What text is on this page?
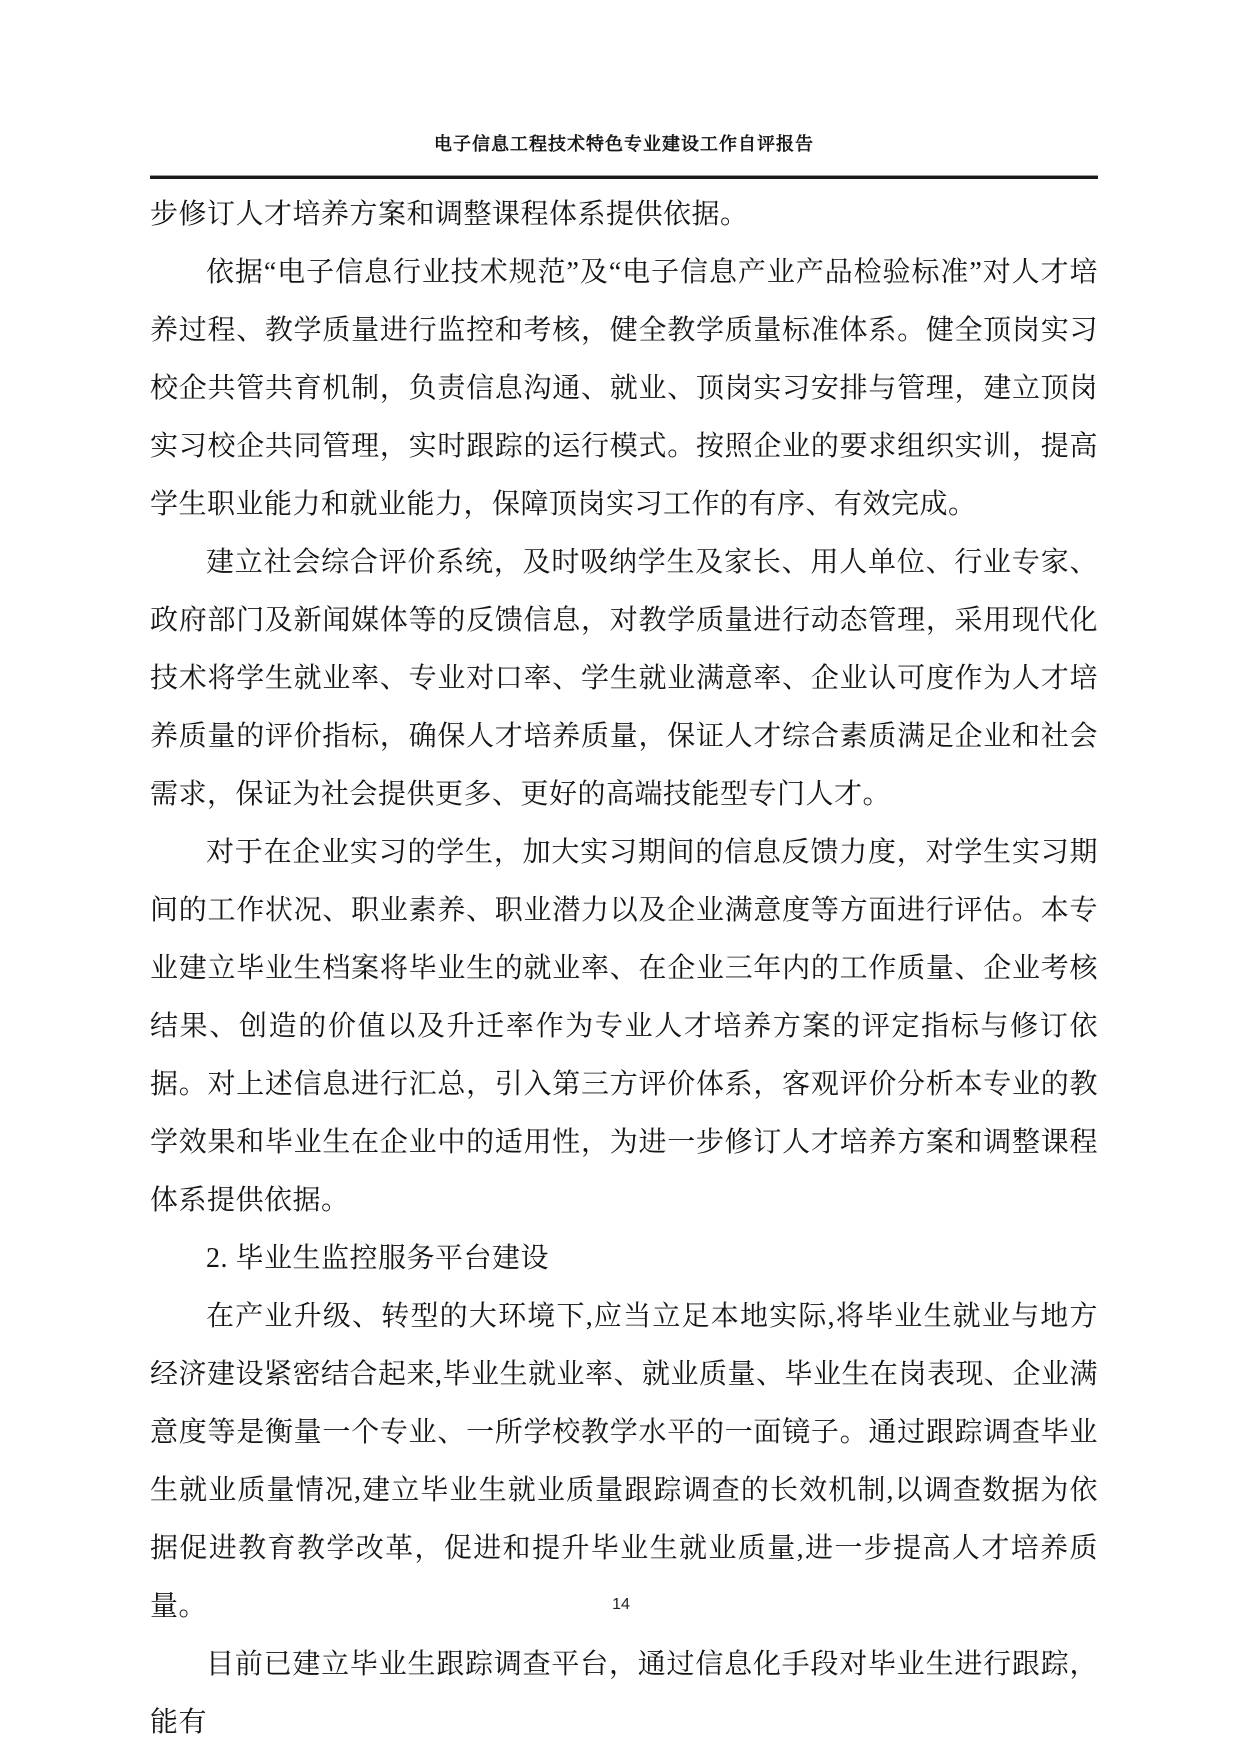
电子信息工程技术特色专业建设工作自评报告

步修订人才培养方案和调整课程体系提供依据。

依据“电子信息行业技术规范”及“电子信息产业产品检验标准”对人才培养过程、教学质量进行监控和考核，健全教学质量标准体系。健全顶岗实习校企共管共育机制，负责信息沟通、就业、顶岗实习安排与管理，建立顶岗实习校企共同管理，实时跟踪的运行模式。按照企业的要求组织实训，提高学生职业能力和就业能力，保障顶岗实习工作的有序、有效完成。

建立社会综合评价系统，及时吸纳学生及家长、用人单位、行业专家、政府部门及新闻媒体等的反馈信息，对教学质量进行动态管理，采用现代化技术将学生就业率、专业对口率、学生就业满意率、企业认可度作为人才培养质量的评价指标，确保人才培养质量，保证人才综合素质满足企业和社会需求，保证为社会提供更多、更好的高端技能型专门人才。

对于在企业实习的学生，加大实习期间的信息反馈力度，对学生实习期间的工作状况、职业素养、职业潜力以及企业满意度等方面进行评估。本专业建立毕业生档案将毕业生的就业率、在企业三年内的工作质量、企业考核结果、创造的价值以及升迁率作为专业人才培养方案的评定指标与修订依据。对上述信息进行汇总，引入第三方评价体系，客观评价分析本专业的教学效果和毕业生在企业中的适用性，为进一步修订人才培养方案和调整课程体系提供依据。

2. 毕业生监控服务平台建设

在产业升级、转型的大环境下,应当立足本地实际,将毕业生就业与地方经济建设紧密结合起来,毕业生就业率、就业质量、毕业生在岗表现、企业满意度等是衡量一个专业、一所学校教学水平的一面镜子。通过跟踪调查毕业生就业质量情况,建立毕业生就业质量跟踪调查的长效机制,以调查数据为依据促进教育教学改革，促进和提升毕业生就业质量,进一步提高人才培养质量。

目前已建立毕业生跟踪调查平台，通过信息化手段对毕业生进行跟踪，能有

14
